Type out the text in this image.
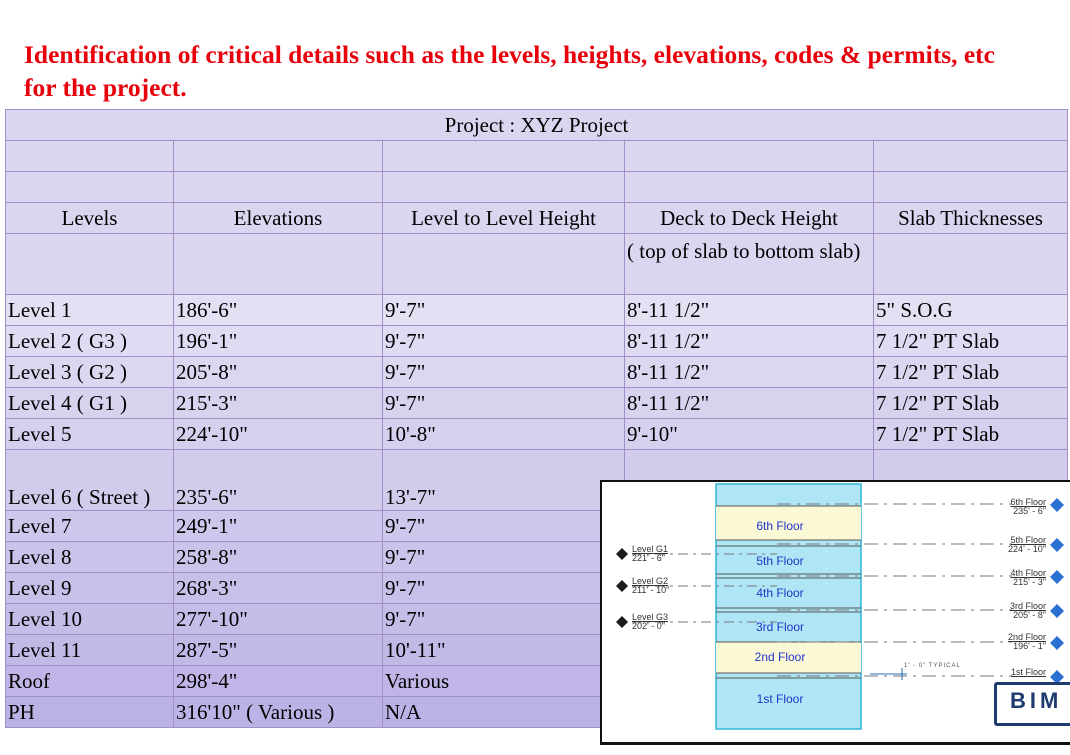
Identification of critical details such as the levels, heights, elevations, codes & permits, etc
for the project.
Project : XYZ Project				

Levels	Elevations	Level to Level Height	Deck to Deck Height	Slab Thicknesses
			( top of slab to bottom slab)	
Level 1	186'-6"	9'-7"	8'-11 1/2"	5" S.O.G
Level 2 ( G3 )	196'-1"	9'-7"	8'-11 1/2"	7 1/2" PT Slab
Level 3 ( G2 )	205'-8"	9'-7"	8'-11 1/2"	7 1/2" PT Slab
Level 4 ( G1 )	215'-3"	9'-7"	8'-11 1/2"	7 1/2" PT Slab
Level 5	224'-10"	10'-8"	9'-10"	7 1/2" PT Slab
Level 6 ( Street )	235'-6"	13'-7"		
Level 7	249'-1"	9'-7"		
Level 8	258'-8"	9'-7"		
Level 9	268'-3"	9'-7"		
Level 10	277'-10"	9'-7"		
Level 11	287'-5"	10'-11"		
Roof	298'-4"	Various		
PH	316'10" ( Various )	N/A		
6th Floor
5th Floor
4th Floor
3rd Floor
2nd Floor
1st Floor
Level G1
221' - 6"
Level G2
211' - 10"
Level G3
202' - 0"
6th Floor
235' - 6"
5th Floor
224' - 10"
4th Floor
215' - 3"
3rd Floor
205' - 8"
2nd Floor
196' - 1"
1st Floor
1' - 0" TYPICAL
BIM
